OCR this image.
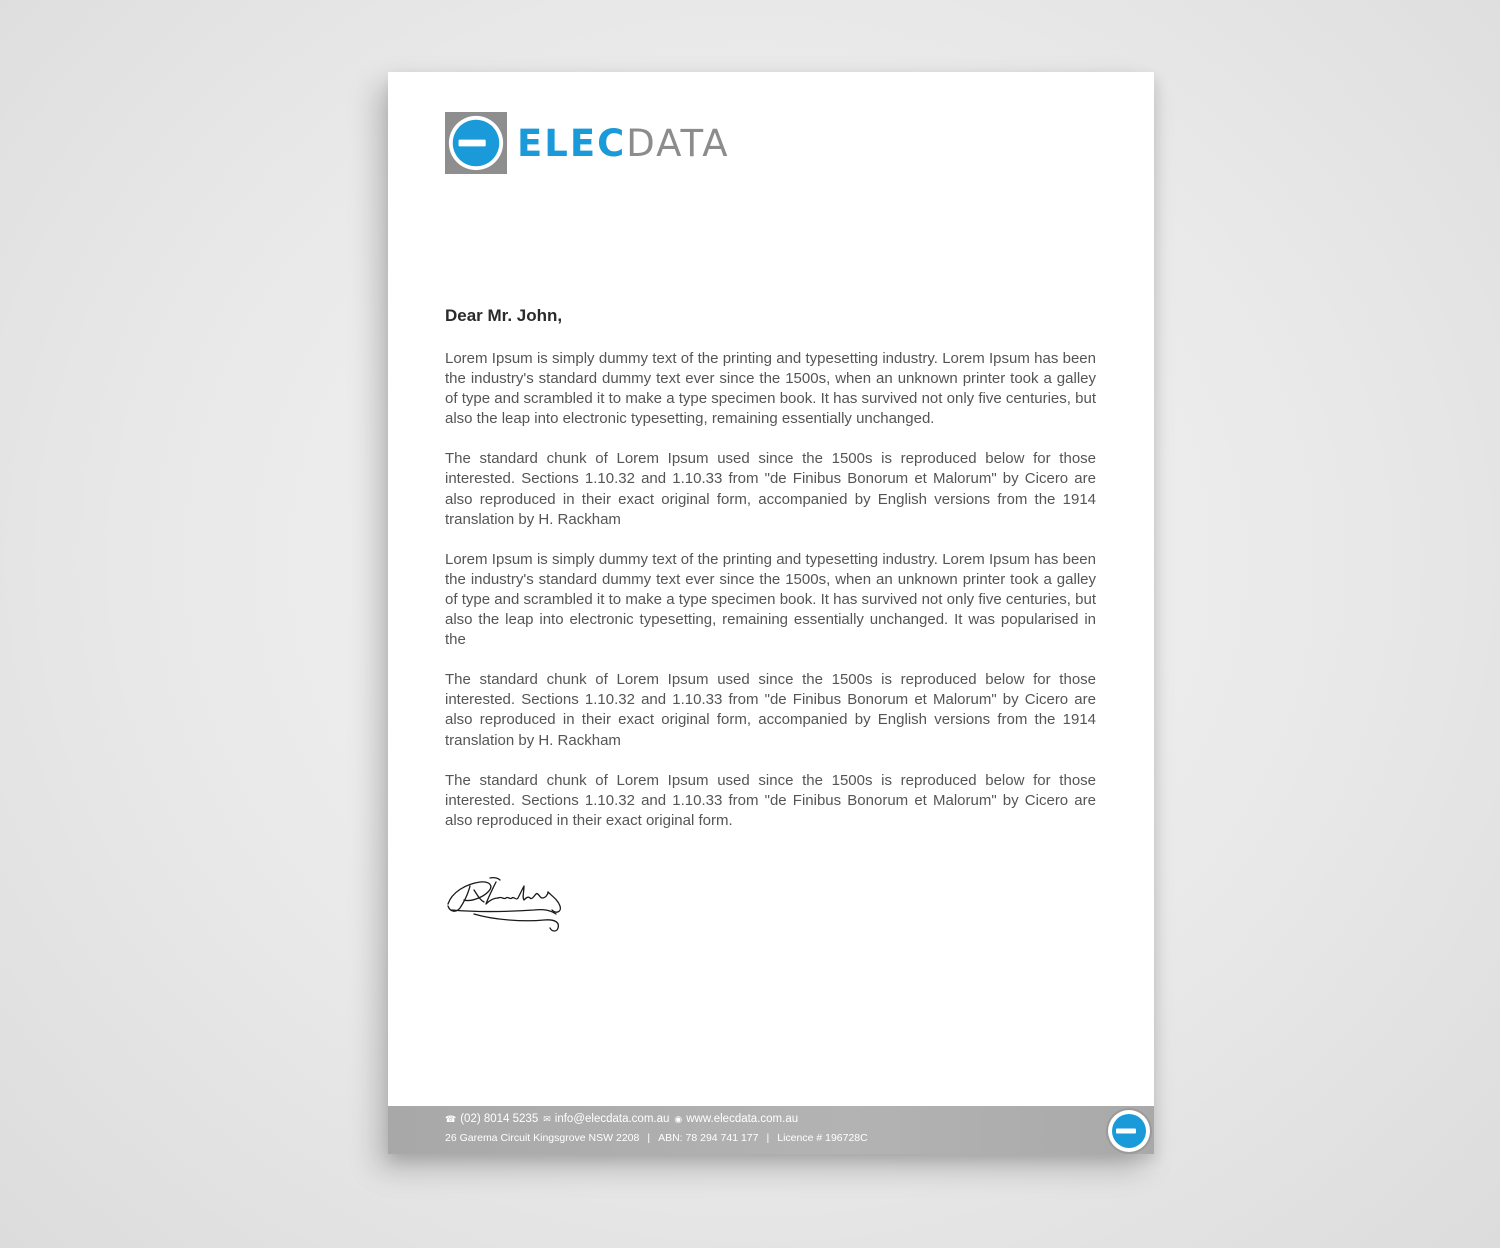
ELECDATA

Dear Mr. John,

Lorem Ipsum is simply dummy text of the printing and typesetting industry. Lorem Ipsum has been the industry's standard dummy text ever since the 1500s, when an unknown printer took a galley of type and scrambled it to make a type specimen book. It has survived not only five centuries, but also the leap into electronic typesetting, remaining essentially unchanged.

The standard chunk of Lorem Ipsum used since the 1500s is reproduced below for those interested. Sections 1.10.32 and 1.10.33 from "de Finibus Bonorum et Malorum" by Cicero are also reproduced in their exact original form, accompanied by English versions from the 1914 translation by H. Rackham

Lorem Ipsum is simply dummy text of the printing and typesetting industry. Lorem Ipsum has been the industry's standard dummy text ever since the 1500s, when an unknown printer took a galley of type and scrambled it to make a type specimen book. It has survived not only five centuries, but also the leap into electronic typesetting, remaining essentially unchanged. It was popularised in the

The standard chunk of Lorem Ipsum used since the 1500s is reproduced below for those interested. Sections 1.10.32 and 1.10.33 from "de Finibus Bonorum et Malorum" by Cicero are also reproduced in their exact original form, accompanied by English versions from the 1914 translation by H. Rackham

The standard chunk of Lorem Ipsum used since the 1500s is reproduced below for those interested. Sections 1.10.32 and 1.10.33 from "de Finibus Bonorum et Malorum" by Cicero are also reproduced in their exact original form.

☎ (02) 8014 5235 ✉ info@elecdata.com.au ◉ www.elecdata.com.au
26 Garema Circuit Kingsgrove NSW 2208 | ABN: 78 294 741 177 | Licence # 196728C
